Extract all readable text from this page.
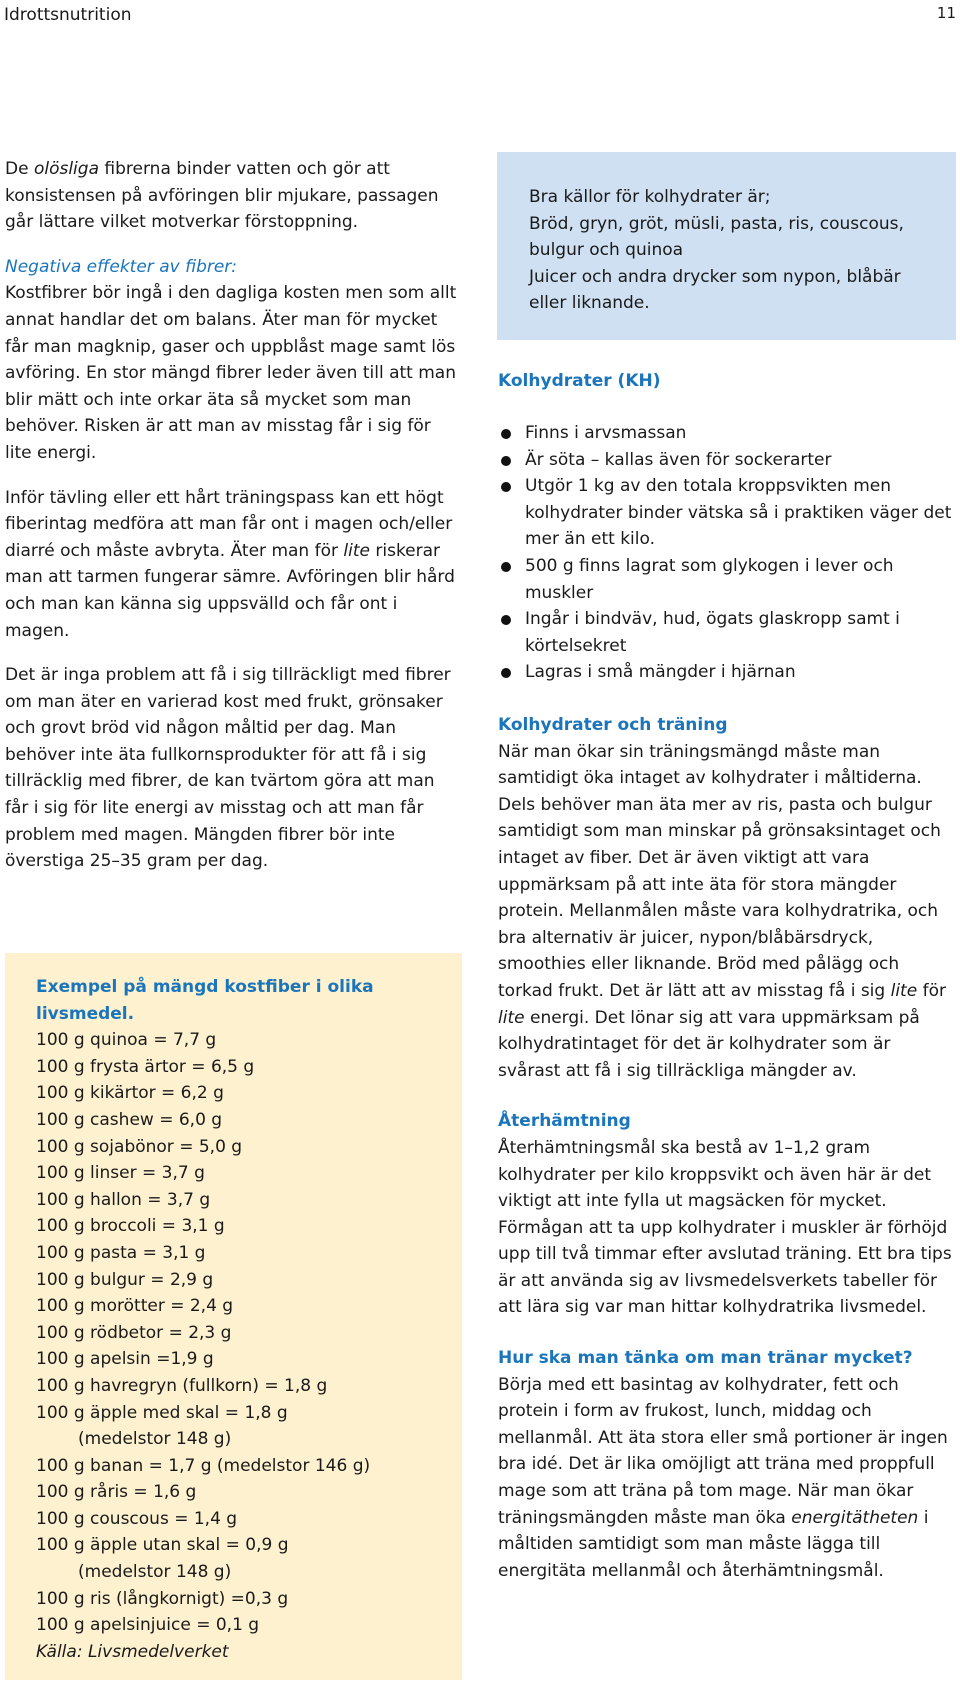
Idrottsnutrition	11

De olösliga fibrerna binder vatten och gör att konsistensen på avföringen blir mjukare, passagen går lättare vilket motverkar förstoppning.

Negativa effekter av fibrer:
Kostfibrer bör ingå i den dagliga kosten men som allt annat handlar det om balans. Äter man för mycket får man magknip, gaser och uppblåst mage samt lös avföring. En stor mängd fibrer leder även till att man blir mätt och inte orkar äta så mycket som man behöver. Risken är att man av misstag får i sig för lite energi.

Inför tävling eller ett hårt träningspass kan ett högt fiberintag medföra att man får ont i magen och/eller diarré och måste avbryta. Äter man för lite riskerar man att tarmen fungerar sämre. Avföringen blir hård och man kan känna sig uppsvälld och får ont i magen.

Det är inga problem att få i sig tillräckligt med fibrer om man äter en varierad kost med frukt, grönsaker och grovt bröd vid någon måltid per dag. Man behöver inte äta fullkornsprodukter för att få i sig tillräcklig med fibrer, de kan tvärtom göra att man får i sig för lite energi av misstag och att man får problem med magen. Mängden fibrer bör inte överstiga 25–35 gram per dag.

Exempel på mängd kostfiber i olika livsmedel.
100 g quinoa = 7,7 g
100 g frysta ärtor = 6,5 g
100 g kikärtor = 6,2 g
100 g cashew = 6,0 g
100 g sojabönor = 5,0 g
100 g linser = 3,7 g
100 g hallon = 3,7 g
100 g broccoli = 3,1 g
100 g pasta = 3,1 g
100 g bulgur = 2,9 g
100 g morötter = 2,4 g
100 g rödbetor = 2,3 g
100 g apelsin =1,9 g
100 g havregryn (fullkorn) = 1,8 g
100 g äpple med skal = 1,8 g
(medelstor 148 g)
100 g banan = 1,7 g (medelstor 146 g)
100 g råris = 1,6 g
100 g couscous = 1,4 g
100 g äpple utan skal = 0,9 g
(medelstor 148 g)
100 g ris (långkornigt) =0,3 g
100 g apelsinjuice = 0,1 g
Källa: Livsmedelverket
Bra källor för kolhydrater är;
Bröd, gryn, gröt, müsli, pasta, ris, couscous, bulgur och quinoa
Juicer och andra drycker som nypon, blåbär eller liknande.
Kolhydrater (KH)
Finns i arvsmassan
Är söta – kallas även för sockerarter
Utgör 1 kg av den totala kroppsvikten men kolhydrater binder vätska så i praktiken väger det mer än ett kilo.
500 g finns lagrat som glykogen i lever och muskler
Ingår i bindväv, hud, ögats glaskropp samt i körtelsekret
Lagras i små mängder i hjärnan
Kolhydrater och träning

När man ökar sin träningsmängd måste man samtidigt öka intaget av kolhydrater i måltiderna. Dels behöver man äta mer av ris, pasta och bulgur samtidigt som man minskar på grönsaksintaget och intaget av fiber. Det är även viktigt att vara uppmärksam på att inte äta för stora mängder protein. Mellanmålen måste vara kolhydratrika, och bra alternativ är juicer, nypon/blåbärsdryck, smoothies eller liknande. Bröd med pålägg och torkad frukt. Det är lätt att av misstag få i sig lite för lite energi. Det lönar sig att vara uppmärksam på kolhydratintaget för det är kolhydrater som är svårast att få i sig tillräckliga mängder av.

Återhämtning

Återhämtningsmål ska bestå av 1–1,2 gram kolhydrater per kilo kroppsvikt och även här är det viktigt att inte fylla ut magsäcken för mycket. Förmågan att ta upp kolhydrater i muskler är förhöjd upp till två timmar efter avslutad träning. Ett bra tips är att använda sig av livsmedelsverkets tabeller för att lära sig var man hittar kolhydratrika livsmedel.

Hur ska man tänka om man tränar mycket?

Börja med ett basintag av kolhydrater, fett och protein i form av frukost, lunch, middag och mellanmål. Att äta stora eller små portioner är ingen bra idé. Det är lika omöjligt att träna med proppfull mage som att träna på tom mage. När man ökar träningsmängden måste man öka energitätheten i måltiden samtidigt som man måste lägga till energitäta mellanmål och återhämtningsmål.
